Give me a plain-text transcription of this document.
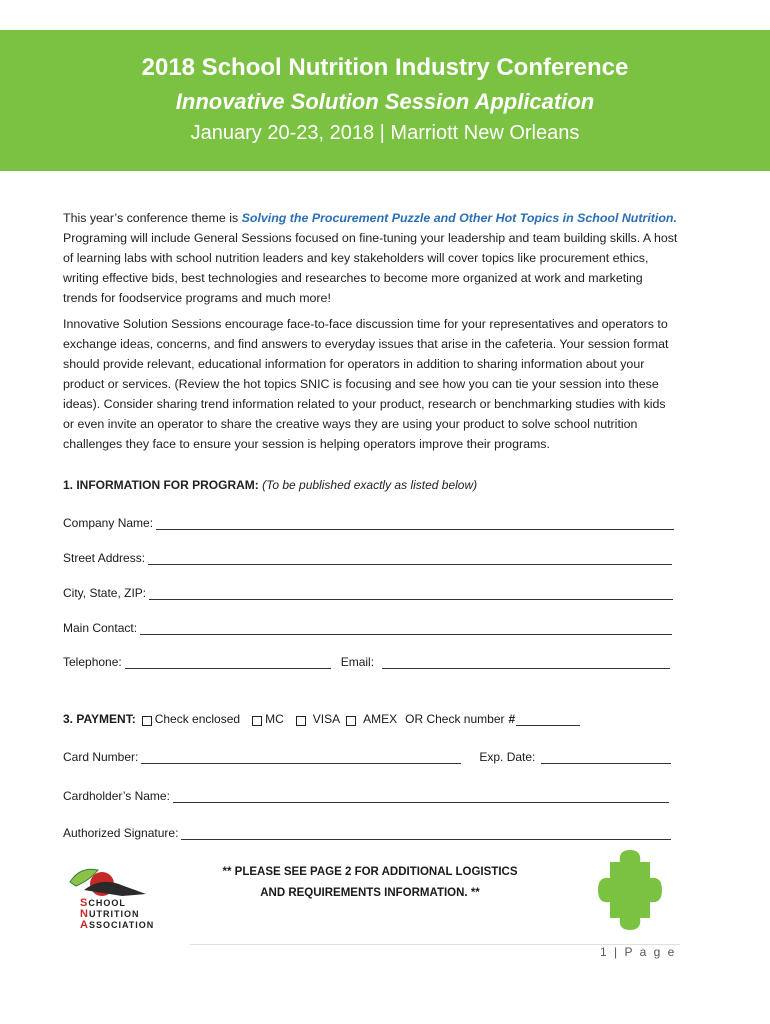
2018 School Nutrition Industry Conference
Innovative Solution Session Application
January 20-23, 2018 | Marriott New Orleans

This year’s conference theme is Solving the Procurement Puzzle and Other Hot Topics in School Nutrition. Programing will include General Sessions focused on fine-tuning your leadership and team building skills. A host of learning labs with school nutrition leaders and key stakeholders will cover topics like procurement ethics, writing effective bids, best technologies and researches to become more organized at work and marketing trends for foodservice programs and much more!

Innovative Solution Sessions encourage face-to-face discussion time for your representatives and operators to exchange ideas, concerns, and find answers to everyday issues that arise in the cafeteria. Your session format should provide relevant, educational information for operators in addition to sharing information about your product or services. (Review the hot topics SNIC is focusing and see how you can tie your session into these ideas). Consider sharing trend information related to your product, research or benchmarking studies with kids or even invite an operator to share the creative ways they are using your product to solve school nutrition challenges they face to ensure your session is helping operators improve their programs.

1. INFORMATION FOR PROGRAM: (To be published exactly as listed below)
Company Name:
Street Address:
City, State, ZIP:
Main Contact:
Telephone:	Email:
3. PAYMENT: Check enclosed MC VISA AMEX OR Check number #
Card Number:	Exp. Date:
Cardholder’s Name:
Authorized Signature:
SCHOOL
NUTRITION
ASSOCIATION
** PLEASE SEE PAGE 2 FOR ADDITIONAL LOGISTICS
AND REQUIREMENTS INFORMATION. **
1 | P a g e
